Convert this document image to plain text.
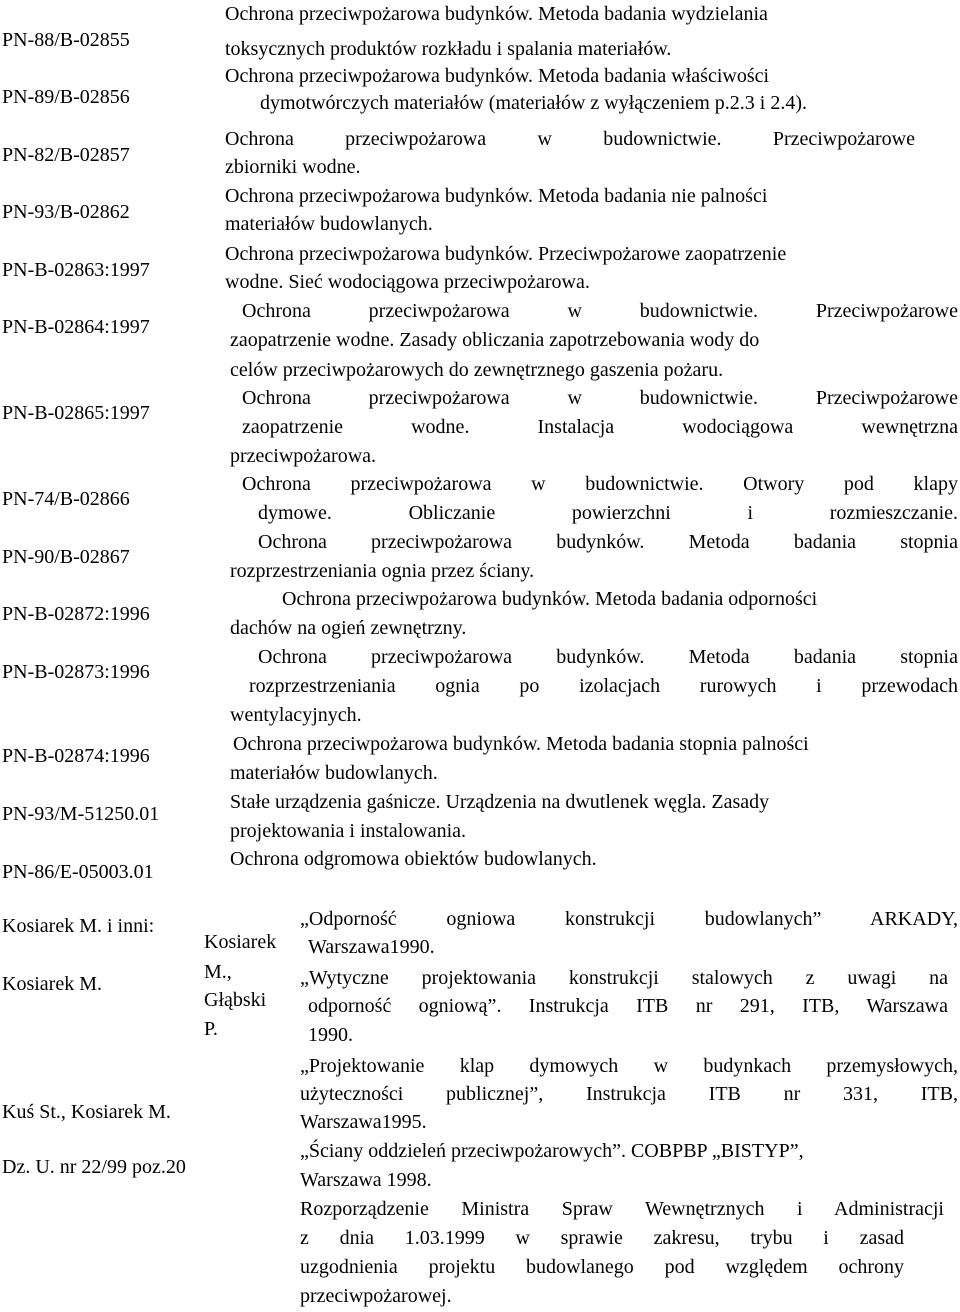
PN-88/B-02855
Ochrona przeciwpożarowa budynków. Metoda badania wydzielania
toksycznych produktów rozkładu i spalania materiałów.
PN-89/B-02856
Ochrona przeciwpożarowa budynków. Metoda badania właściwości
dymotwórczych materiałów (materiałów z wyłączeniem p.2.3 i 2.4).
PN-82/B-02857
Ochrona przeciwpożarowa w budownictwie. Przeciwpożarowe
zbiorniki wodne.
PN-93/B-02862
Ochrona przeciwpożarowa budynków. Metoda badania nie palności
materiałów budowlanych.
PN-B-02863:1997
Ochrona przeciwpożarowa budynków. Przeciwpożarowe zaopatrzenie
wodne. Sieć wodociągowa przeciwpożarowa.
PN-B-02864:1997
Ochrona przeciwpożarowa w budownictwie. Przeciwpożarowe
zaopatrzenie wodne. Zasady obliczania zapotrzebowania wody do
celów przeciwpożarowych do zewnętrznego gaszenia pożaru.
PN-B-02865:1997
Ochrona przeciwpożarowa w budownictwie. Przeciwpożarowe
zaopatrzenie wodne. Instalacja wodociągowa wewnętrzna
przeciwpożarowa.
PN-74/B-02866
Ochrona przeciwpożarowa w budownictwie. Otwory pod klapy
dymowe. Obliczanie powierzchni i rozmieszczanie.
PN-90/B-02867
Ochrona przeciwpożarowa budynków. Metoda badania stopnia
rozprzestrzeniania ognia przez ściany.
PN-B-02872:1996
Ochrona przeciwpożarowa budynków. Metoda badania odporności
dachów na ogień zewnętrzny.
PN-B-02873:1996
Ochrona przeciwpożarowa budynków. Metoda badania stopnia
rozprzestrzeniania ognia po izolacjach rurowych i przewodach
wentylacyjnych.
PN-B-02874:1996
Ochrona przeciwpożarowa budynków. Metoda badania stopnia palności
materiałów budowlanych.
PN-93/M-51250.01
Stałe urządzenia gaśnicze. Urządzenia na dwutlenek węgla. Zasady
projektowania i instalowania.
PN-86/E-05003.01
Ochrona odgromowa obiektów budowlanych.
Kosiarek M. i inni:
Kosiarek M.
Kuś St., Kosiarek M.
Dz. U. nr 22/99 poz.20
Kosiarek
M.,
Głąbski
P.
„Odporność ogniowa konstrukcji budowlanych” ARKADY,
Warszawa1990.
„Wytyczne projektowania konstrukcji stalowych z uwagi na
odporność ogniową”. Instrukcja ITB nr 291, ITB, Warszawa
1990.
„Projektowanie klap dymowych w budynkach przemysłowych,
użyteczności publicznej”, Instrukcja ITB nr 331, ITB,
Warszawa1995.
„Ściany oddzieleń przeciwpożarowych”. COBPBP „BISTYP”,
Warszawa 1998.
Rozporządzenie Ministra Spraw Wewnętrznych i Administracji
z dnia 1.03.1999 w sprawie zakresu, trybu i zasad
uzgodnienia projektu budowlanego pod względem ochrony
przeciwpożarowej.
